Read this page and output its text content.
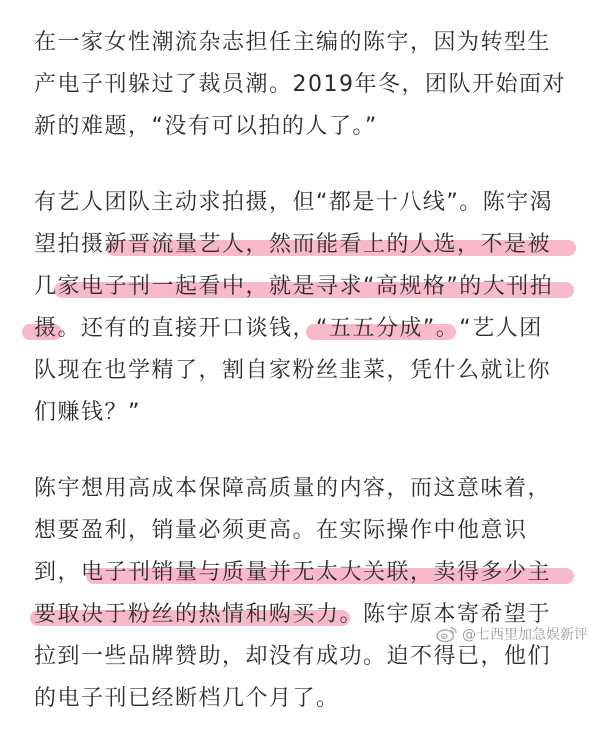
在一家女性潮流杂志担任主编的陈宇，因为转型生
产电子刊躲过了裁员潮。2019年冬，团队开始面对
新的难题，“没有可以拍的人了。”
有艺人团队主动求拍摄，但“都是十八线”。陈宇渴
望拍摄新晋流量艺人，然而能看上的人选，不是被
几家电子刊一起看中，就是寻求“高规格”的大刊拍
摄。还有的直接开口谈钱，“五五分成”。“艺人团
队现在也学精了，割自家粉丝韭菜，凭什么就让你
们赚钱？”
陈宇想用高成本保障高质量的内容，而这意味着，
想要盈利，销量必须更高。在实际操作中他意识
到，电子刊销量与质量并无太大关联，卖得多少主
要取决于粉丝的热情和购买力。陈宇原本寄希望于
拉到一些品牌赞助，却没有成功。迫不得已，他们
的电子刊已经断档几个月了。
@七西里加急娱新评
